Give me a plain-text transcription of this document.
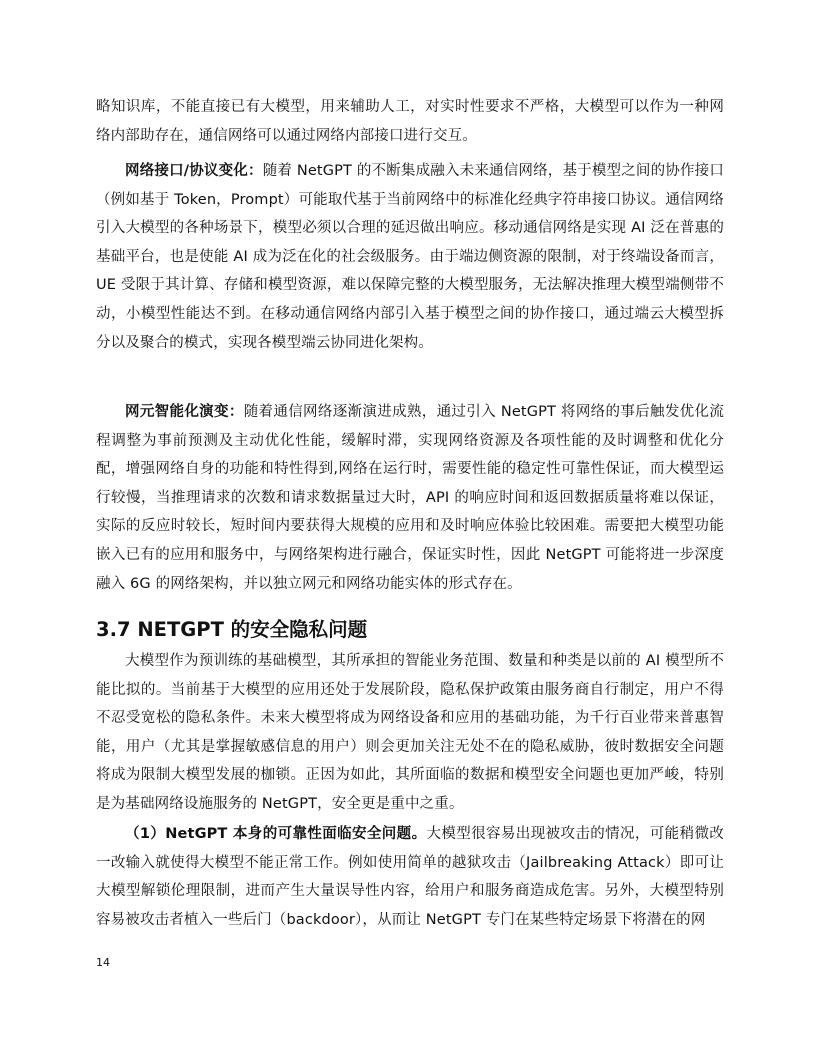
略知识库，不能直接已有大模型，用来辅助人工，对实时性要求不严格，大模型可以作为一种网络内部助存在，通信网络可以通过网络内部接口进行交互。

网络接口/协议变化：随着 NetGPT 的不断集成融入未来通信网络，基于模型之间的协作接口（例如基于 Token，Prompt）可能取代基于当前网络中的标准化经典字符串接口协议。通信网络引入大模型的各种场景下，模型必须以合理的延迟做出响应。移动通信网络是实现 AI 泛在普惠的基础平台，也是使能 AI 成为泛在化的社会级服务。由于端边侧资源的限制，对于终端设备而言，UE 受限于其计算、存储和模型资源，难以保障完整的大模型服务，无法解决推理大模型端侧带不动，小模型性能达不到。在移动通信网络内部引入基于模型之间的协作接口，通过端云大模型拆分以及聚合的模式，实现各模型端云协同进化架构。

网元智能化演变：随着通信网络逐渐演进成熟，通过引入 NetGPT 将网络的事后触发优化流程调整为事前预测及主动优化性能，缓解时滞，实现网络资源及各项性能的及时调整和优化分配，增强网络自身的功能和特性得到,网络在运行时，需要性能的稳定性可靠性保证，而大模型运行较慢，当推理请求的次数和请求数据量过大时，API 的响应时间和返回数据质量将难以保证，实际的反应时较长，短时间内要获得大规模的应用和及时响应体验比较困难。需要把大模型功能嵌入已有的应用和服务中，与网络架构进行融合，保证实时性，因此 NetGPT 可能将进一步深度融入 6G 的网络架构，并以独立网元和网络功能实体的形式存在。

3.7 NETGPT 的安全隐私问题

大模型作为预训练的基础模型，其所承担的智能业务范围、数量和种类是以前的 AI 模型所不能比拟的。当前基于大模型的应用还处于发展阶段，隐私保护政策由服务商自行制定，用户不得不忍受宽松的隐私条件。未来大模型将成为网络设备和应用的基础功能，为千行百业带来普惠智能，用户（尤其是掌握敏感信息的用户）则会更加关注无处不在的隐私威胁，彼时数据安全问题将成为限制大模型发展的枷锁。正因为如此，其所面临的数据和模型安全问题也更加严峻，特别是为基础网络设施服务的 NetGPT，安全更是重中之重。

（1）NetGPT 本身的可靠性面临安全问题。大模型很容易出现被攻击的情况，可能稍微改一改输入就使得大模型不能正常工作。例如使用简单的越狱攻击（Jailbreaking Attack）即可让大模型解锁伦理限制，进而产生大量误导性内容，给用户和服务商造成危害。另外，大模型特别容易被攻击者植入一些后门（backdoor），从而让 NetGPT 专门在某些特定场景下将潜在的网

14
